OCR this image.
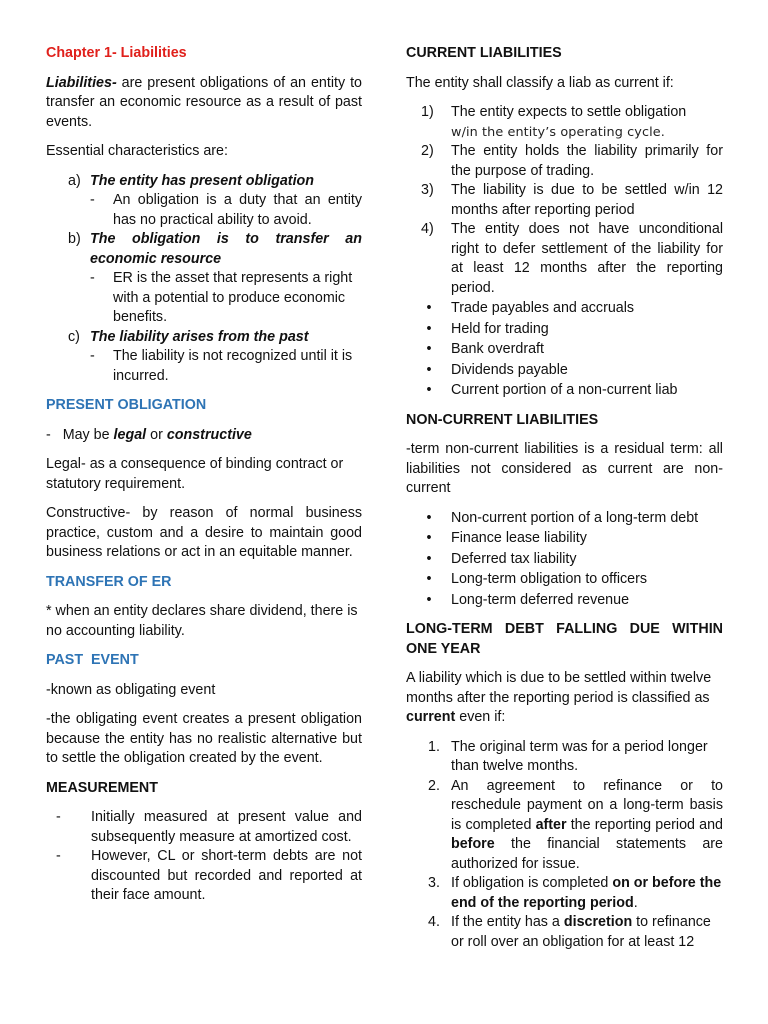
Chapter 1- Liabilities

Liabilities- are present obligations of an entity to transfer an economic resource as a result of past events.

Essential characteristics are:

a) The entity has present obligation
-	An obligation is a duty that an entity has no practical ability to avoid.
b) The obligation is to transfer an economic resource
-	ER is the asset that represents a right with a potential to produce economic benefits.
c) The liability arises from the past
-	The liability is not recognized until it is incurred.

PRESENT OBLIGATION

- May be legal or constructive

Legal- as a consequence of binding contract or statutory requirement.

Constructive- by reason of normal business practice, custom and a desire to maintain good business relations or act in an equitable manner.

TRANSFER OF ER

* when an entity declares share dividend, there is no accounting liability.

PAST  EVENT

-known as obligating event

-the obligating event creates a present obligation because the entity has no realistic alternative but to settle the obligation created by the event.

MEASUREMENT

-	Initially measured at present value and subsequently measure at amortized cost.
-	However, CL or short-term debts are not discounted but recorded and reported at their face amount.

CURRENT LIABILITIES

The entity shall classify a liab as current if:

1)	The entity expects to settle obligation
w/in the entity’s operating cycle.
2)	The entity holds the liability primarily for the purpose of trading.
3)	The liability is due to be settled w/in 12 months after reporting period
4)	The entity does not have unconditional right to defer settlement of the liability for at least 12 months after the reporting period.
•	Trade payables and accruals
•	Held for trading
•	Bank overdraft
•	Dividends payable
•	Current portion of a non-current liab

NON-CURRENT LIABILITIES

-term non-current liabilities is a residual term: all liabilities not considered as current are non-current

•	Non-current portion of a long-term debt
•	Finance lease liability
•	Deferred tax liability
•	Long-term obligation to officers
•	Long-term deferred revenue

LONG-TERM DEBT FALLING DUE WITHIN ONE YEAR

A liability which is due to be settled within twelve months after the reporting period is classified as current even if:

1. The original term was for a period longer than twelve months.
2. An agreement to refinance or to reschedule payment on a long-term basis is completed after the reporting period and before the financial statements are authorized for issue.
3. If obligation is completed on or before the end of the reporting period.
4. If the entity has a discretion to refinance or roll over an obligation for at least 12
